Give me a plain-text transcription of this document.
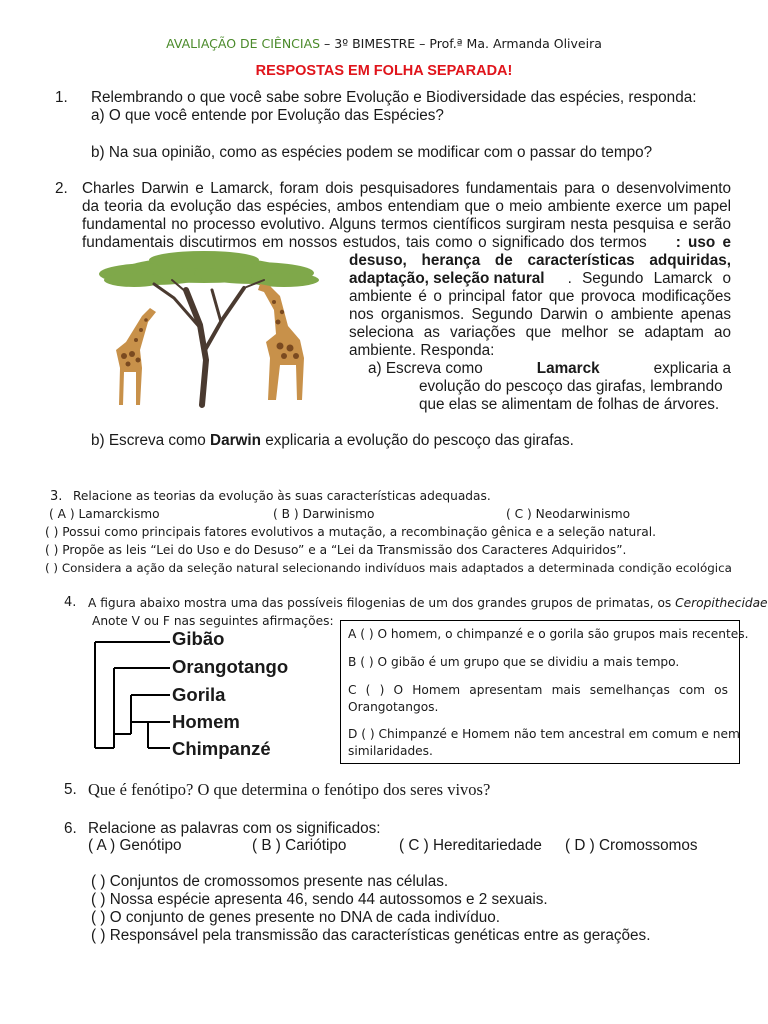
AVALIAÇÃO DE CIÊNCIAS – 3º BIMESTRE – Prof.ª Ma. Armanda Oliveira
RESPOSTAS EM FOLHA SEPARADA!
1. Relembrando o que você sabe sobre Evolução e Biodiversidade das espécies, responda:
a) O que você entende por Evolução das Espécies?
b) Na sua opinião, como as espécies podem se modificar com o passar do tempo?
2. Charles Darwin e Lamarck, foram dois pesquisadores fundamentais para o desenvolvimento
da teoria da evolução das espécies, ambos entendiam que o meio ambiente exerce um papel
fundamental no processo evolutivo. Alguns termos científicos surgiram nesta pesquisa e serão
fundamentais discutirmos em nossos estudos, tais como o significado dos termos : uso e
desuso, herança de características adquiridas,
adaptação, seleção natural	. Segundo Lamarck o
ambiente é o principal fator que provoca modificações
nos organismos. Segundo Darwin o ambiente apenas
seleciona as variações que melhor se adaptam ao
ambiente. Responda:
a) Escreva como	Lamarck	explicaria a
evolução do pescoço das girafas, lembrando
que elas se alimentam de folhas de árvores.
b) Escreva como Darwin explicaria a evolução do pescoço das girafas.
3. Relacione as teorias da evolução às suas características adequadas.
( A ) Lamarckismo	( B ) Darwinismo	( C ) Neodarwinismo
( ) Possui como principais fatores evolutivos a mutação, a recombinação gênica e a seleção natural.
( ) Propõe as leis “Lei do Uso e do Desuso” e a “Lei da Transmissão dos Caracteres Adquiridos”.
( ) Considera a ação da seleção natural selecionando indivíduos mais adaptados a determinada condição ecológica
4. A figura abaixo mostra uma das possíveis filogenias de um dos grandes grupos de primatas, os Ceropithecidae
Anote V ou F nas seguintes afirmações:
Gibão
Orangotango
Gorila
Homem
Chimpanzé
A ( ) O homem, o chimpanzé e o gorila são grupos mais recentes.
B ( ) O gibão é um grupo que se dividiu a mais tempo.
C ( ) O Homem apresentam mais semelhanças com os
Orangotangos.
D ( ) Chimpanzé e Homem não tem ancestral em comum e nem
similaridades.
5. Que é fenótipo? O que determina o fenótipo dos seres vivos?
6. Relacione as palavras com os significados:
( A ) Genótipo	( B ) Cariótipo	( C ) Hereditariedade ( D ) Cromossomos
( ) Conjuntos de cromossomos presente nas células.
( ) Nossa espécie apresenta 46, sendo 44 autossomos e 2 sexuais.
( ) O conjunto de genes presente no DNA de cada indivíduo.
( ) Responsável pela transmissão das características genéticas entre as gerações.
